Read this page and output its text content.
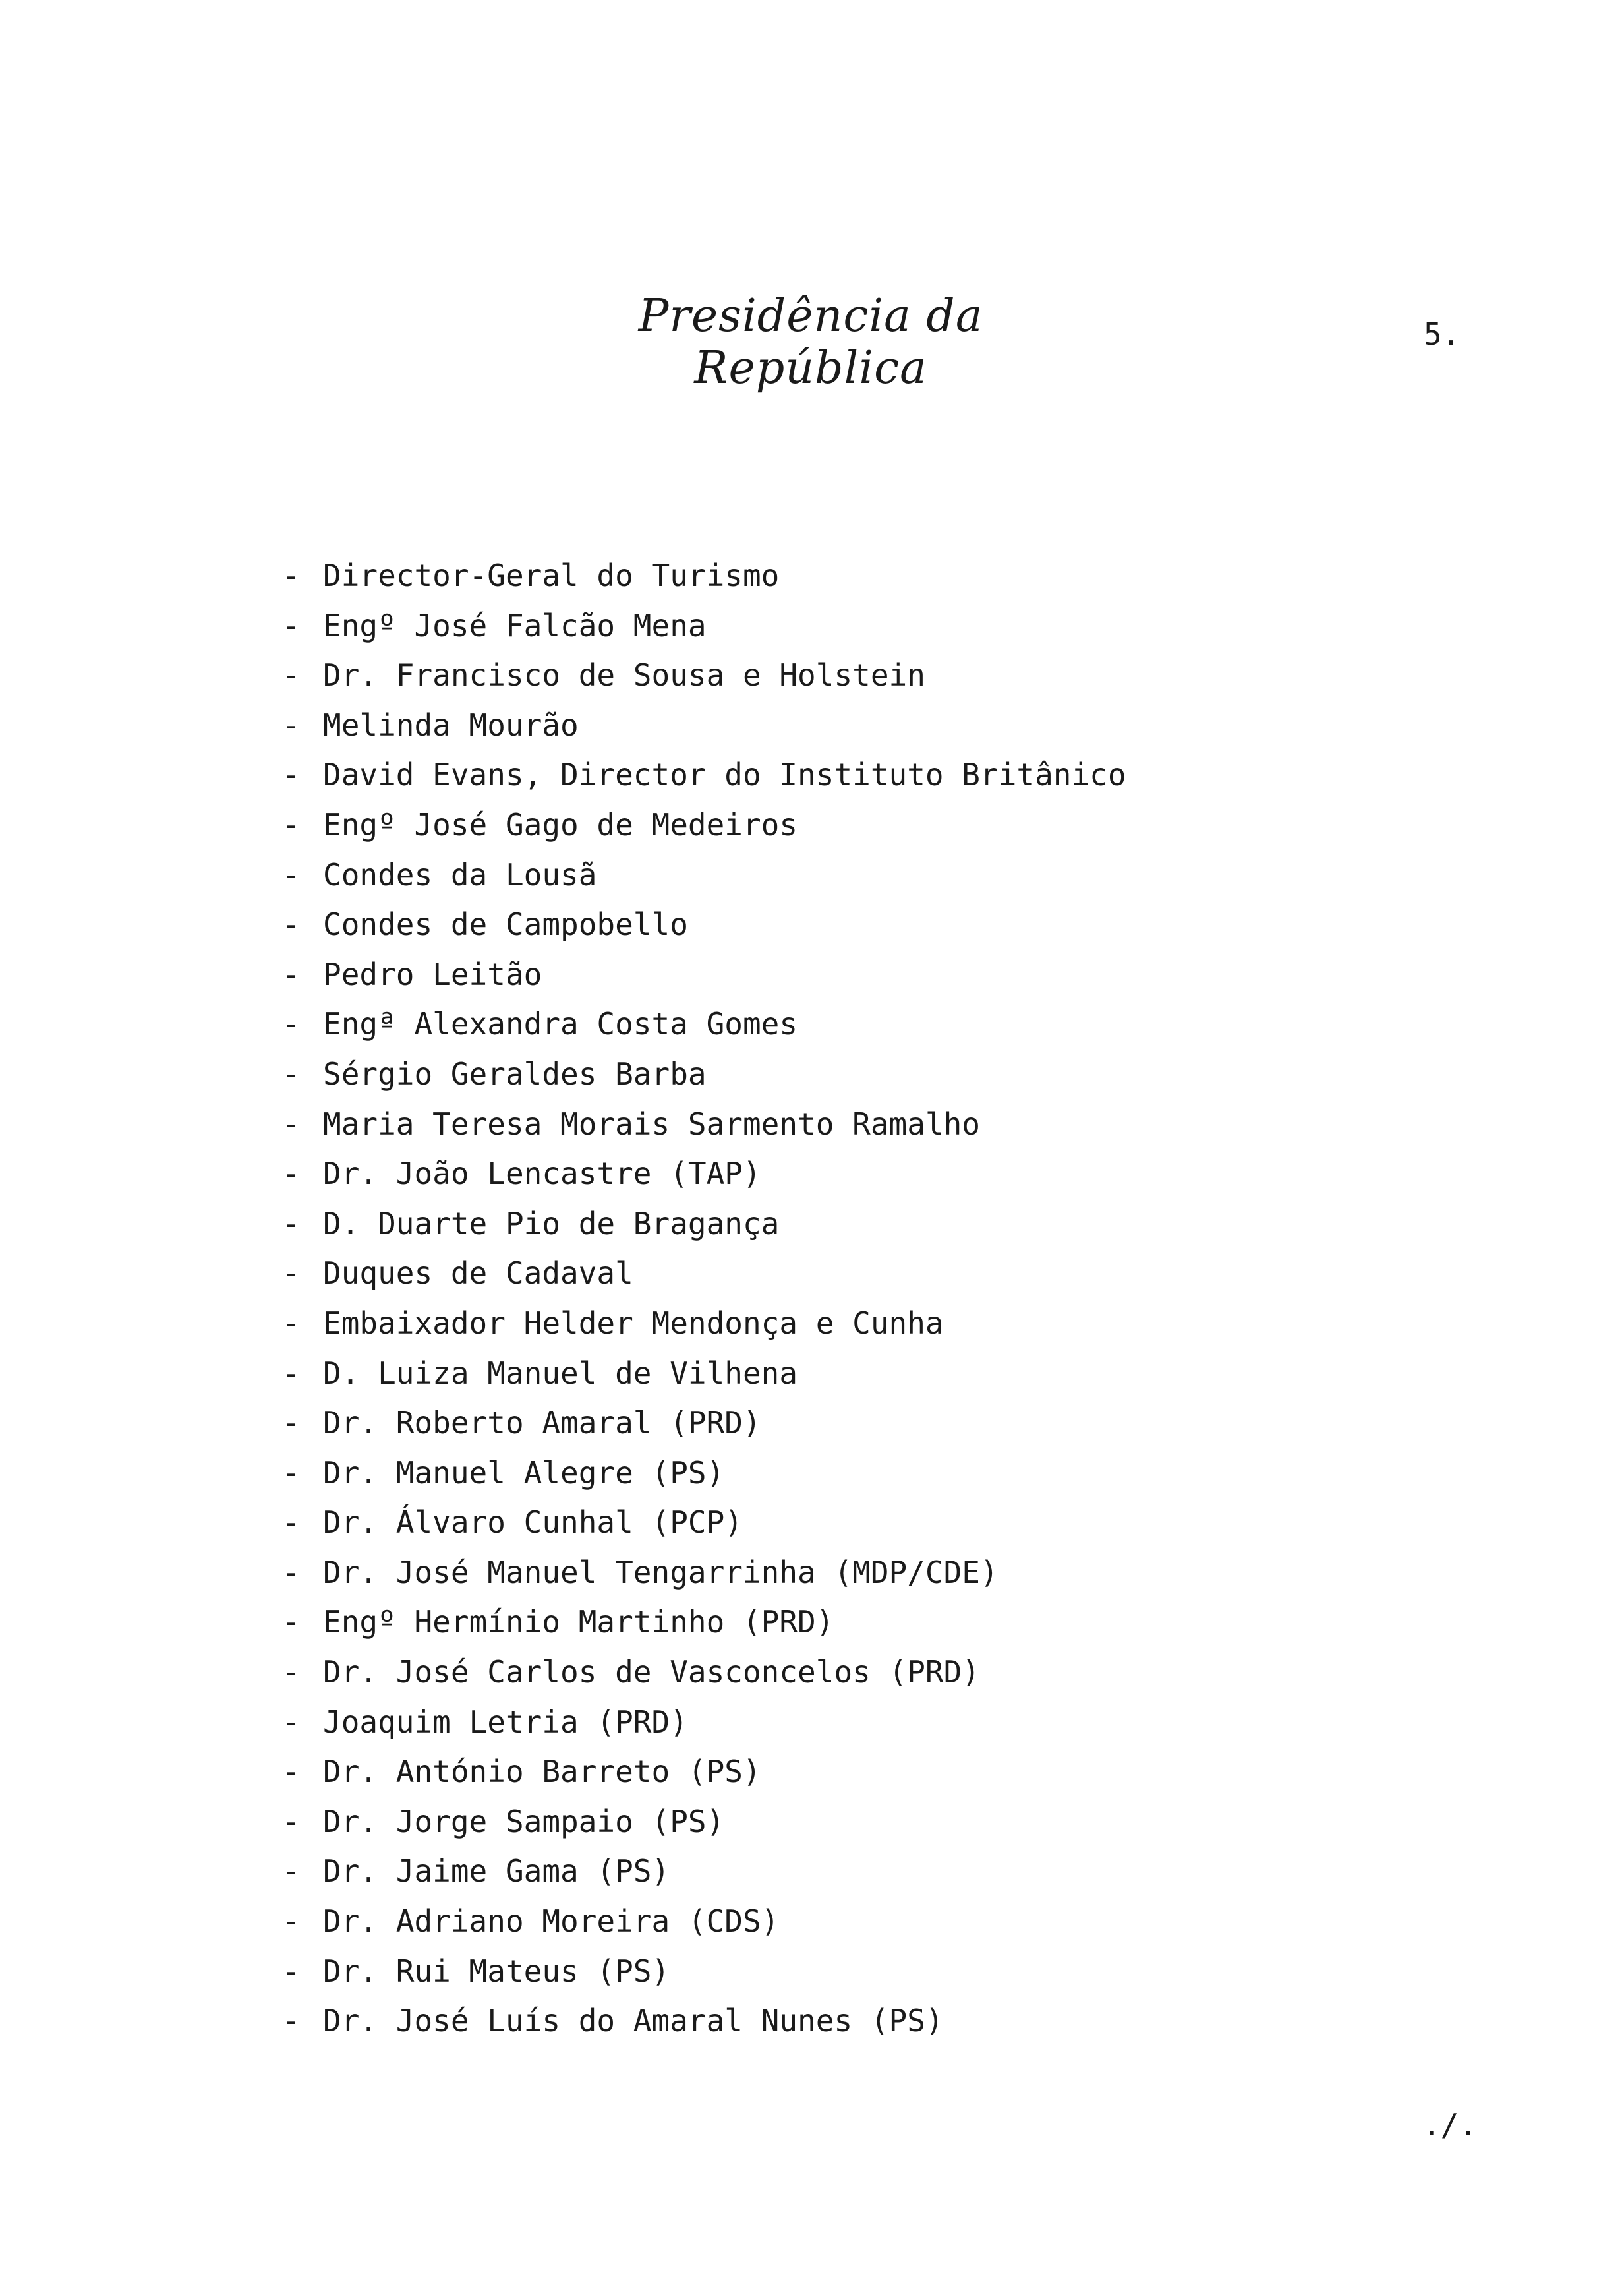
Presidência da República
5.
- Director-Geral do Turismo
- Engº José Falcão Mena
- Dr. Francisco de Sousa e Holstein
- Melinda Mourão
- David Evans, Director do Instituto Britânico
- Engº José Gago de Medeiros
- Condes da Lousã
- Condes de Campobello
- Pedro Leitão
- Engª Alexandra Costa Gomes
- Sérgio Geraldes Barba
- Maria Teresa Morais Sarmento Ramalho
- Dr. João Lencastre (TAP)
- D. Duarte Pio de Bragança
- Duques de Cadaval
- Embaixador Helder Mendonça e Cunha
- D. Luiza Manuel de Vilhena
- Dr. Roberto Amaral (PRD)
- Dr. Manuel Alegre (PS)
- Dr. Álvaro Cunhal (PCP)
- Dr. José Manuel Tengarrinha (MDP/CDE)
- Engº Hermínio Martinho (PRD)
- Dr. José Carlos de Vasconcelos (PRD)
- Joaquim Letria (PRD)
- Dr. António Barreto (PS)
- Dr. Jorge Sampaio (PS)
- Dr. Jaime Gama (PS)
- Dr. Adriano Moreira (CDS)
- Dr. Rui Mateus (PS)
- Dr. José Luís do Amaral Nunes (PS)
./.
